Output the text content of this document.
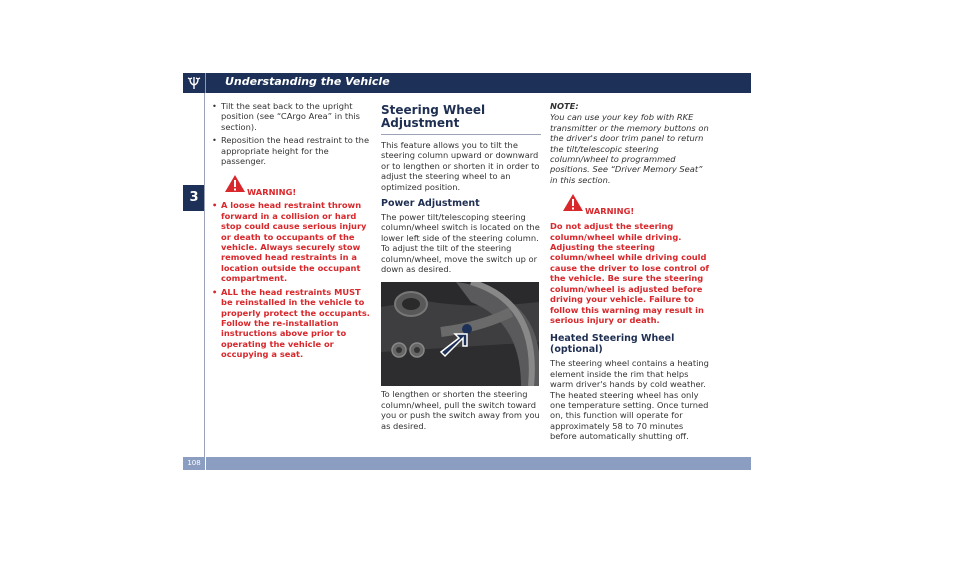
Understanding the Vehicle
3
• Tilt the seat back to the upright position (see “CArgo Area” in this section).
• Reposition the head restraint to the appropriate height for the passenger.
WARNING!
• A loose head restraint thrown forward in a collision or hard stop could cause serious injury or death to occupants of the vehicle. Always securely stow removed head restraints in a location outside the occupant compartment.
• ALL the head restraints MUST be reinstalled in the vehicle to properly protect the occupants. Follow the re-installation instructions above prior to operating the vehicle or occupying a seat.
Steering Wheel Adjustment

This feature allows you to tilt the steering column upward or downward or to lengthen or shorten it in order to adjust the steering wheel to an optimized position.

Power Adjustment

The power tilt/telescoping steering column/wheel switch is located on the lower left side of the steering column. To adjust the tilt of the steering column/wheel, move the switch up or down as desired.

To lengthen or shorten the steering column/wheel, pull the switch toward you or push the switch away from you as desired.

NOTE:

You can use your key fob with RKE transmitter or the memory buttons on the driver's door trim panel to return the tilt/telescopic steering column/wheel to programmed positions. See “Driver Memory Seat” in this section.

WARNING!

Do not adjust the steering column/wheel while driving. Adjusting the steering column/wheel while driving could cause the driver to lose control of the vehicle. Be sure the steering column/wheel is adjusted before driving your vehicle. Failure to follow this warning may result in serious injury or death.

Heated Steering Wheel (optional)

The steering wheel contains a heating element inside the rim that helps warm driver's hands by cold weather. The heated steering wheel has only one temperature setting. Once turned on, this function will operate for approximately 58 to 70 minutes before automatically shutting off.

108
